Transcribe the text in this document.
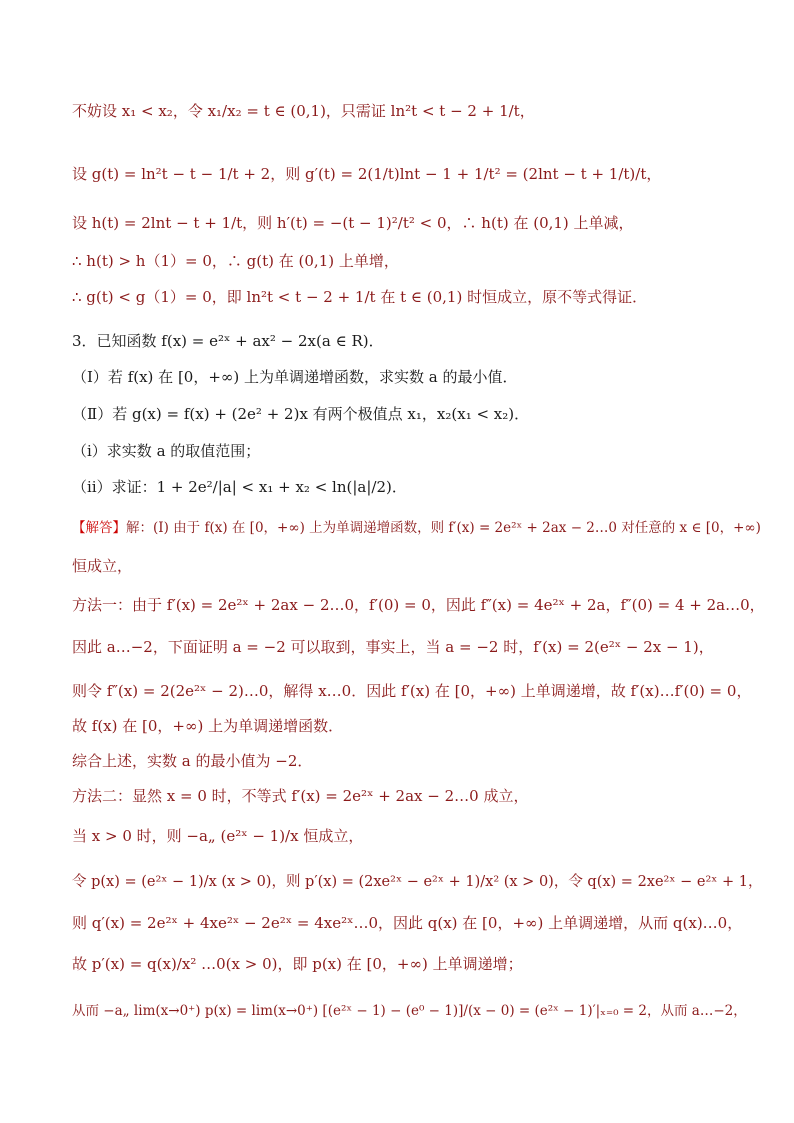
不妨设 x₁ < x₂，令 x₁/x₂ = t ∈ (0,1)，只需证 ln²t < t − 2 + 1/t，
设 g(t) = ln²t − t − 1/t + 2，则 g′(t) = 2(1/t)lnt − 1 + 1/t² = (2lnt − t + 1/t)/t，
设 h(t) = 2lnt − t + 1/t，则 h′(t) = −(t − 1)²/t² < 0，∴ h(t) 在 (0,1) 上单减，
∴ h(t) > h（1）= 0，∴ g(t) 在 (0,1) 上单增，
∴ g(t) < g（1）= 0，即 ln²t < t − 2 + 1/t 在 t ∈ (0,1) 时恒成立，原不等式得证．
3．已知函数 f(x) = e²ˣ + ax² − 2x(a ∈ R)．
（Ⅰ）若 f(x) 在 [0，+∞) 上为单调递增函数，求实数 a 的最小值．
（Ⅱ）若 g(x) = f(x) + (2e² + 2)x 有两个极值点 x₁，x₂(x₁ < x₂)．
（ⅰ）求实数 a 的取值范围；
（ⅱ）求证：1 + 2e²/|a| < x₁ + x₂ < ln(|a|/2)．
【解答】解：(Ⅰ) 由于 f(x) 在 [0，+∞) 上为单调递增函数，则 f′(x) = 2e²ˣ + 2ax − 2…0 对任意的 x ∈ [0，+∞)
恒成立，
方法一：由于 f′(x) = 2e²ˣ + 2ax − 2…0，f′(0) = 0，因此 f″(x) = 4e²ˣ + 2a，f″(0) = 4 + 2a…0，
因此 a…−2，下面证明 a = −2 可以取到，事实上，当 a = −2 时，f′(x) = 2(e²ˣ − 2x − 1)，
则令 f″(x) = 2(2e²ˣ − 2)…0，解得 x…0．因此 f′(x) 在 [0，+∞) 上单调递增，故 f′(x)…f′(0) = 0，
故 f(x) 在 [0，+∞) 上为单调递增函数．
综合上述，实数 a 的最小值为 −2．
方法二：显然 x = 0 时，不等式 f′(x) = 2e²ˣ + 2ax − 2…0 成立，
当 x > 0 时，则 −a„ (e²ˣ − 1)/x 恒成立，
令 p(x) = (e²ˣ − 1)/x (x > 0)，则 p′(x) = (2xe²ˣ − e²ˣ + 1)/x² (x > 0)，令 q(x) = 2xe²ˣ − e²ˣ + 1，
则 q′(x) = 2e²ˣ + 4xe²ˣ − 2e²ˣ = 4xe²ˣ…0，因此 q(x) 在 [0，+∞) 上单调递增，从而 q(x)…0，
故 p′(x) = q(x)/x² …0(x > 0)，即 p(x) 在 [0，+∞) 上单调递增；
从而 −a„ lim(x→0⁺) p(x) = lim(x→0⁺) [(e²ˣ − 1) − (e⁰ − 1)]/(x − 0) = (e²ˣ − 1)′|ₓ₌₀ = 2，从而 a…−2，
